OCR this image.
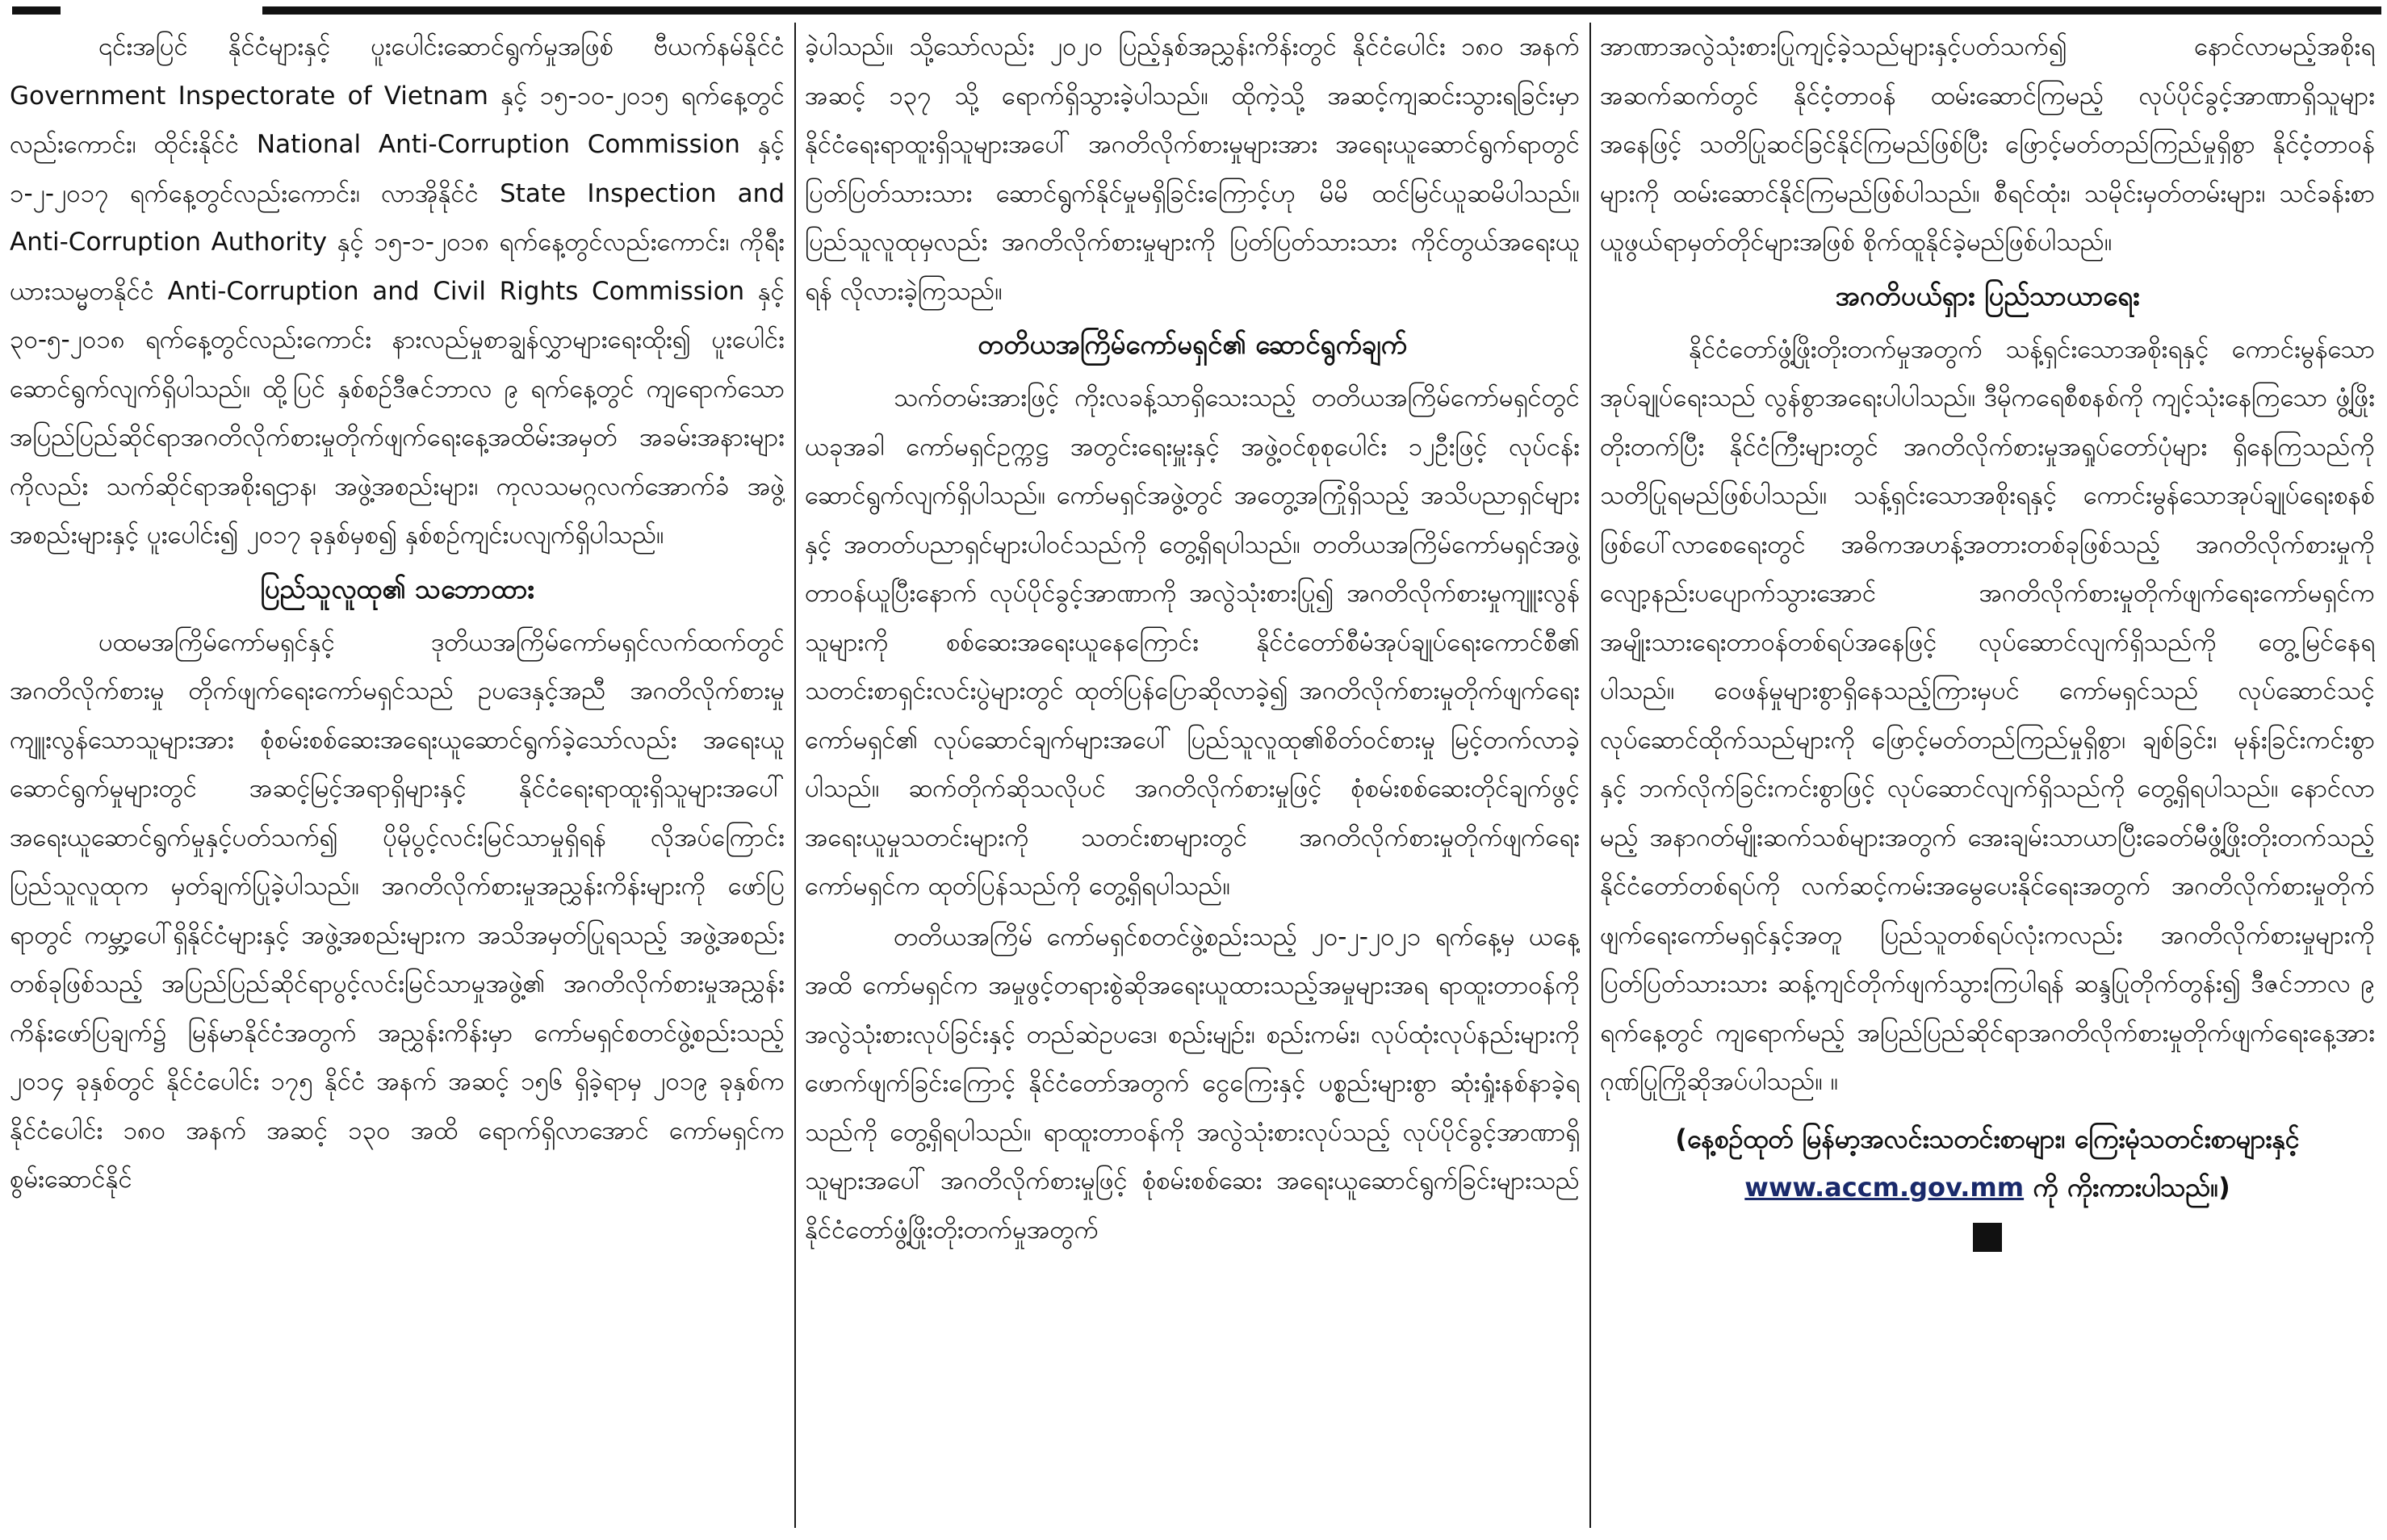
၎င်းအပြင် နိုင်ငံများနှင့် ပူးပေါင်းဆောင်ရွက်မှုအဖြစ် ဗီယက်နမ်နိုင်ငံ Government Inspectorate of Vietnam နှင့် ၁၅-၁၀-၂၀၁၅ ရက်နေ့တွင်လည်းကောင်း၊ ထိုင်းနိုင်ငံ National Anti-Corruption Commission နှင့် ၁-၂-၂၀၁၇ ရက်နေ့တွင်လည်းကောင်း၊ လာအိုနိုင်ငံ State Inspection and Anti-Corruption Authority နှင့် ၁၅-၁-၂၀၁၈ ရက်နေ့တွင်လည်းကောင်း၊ ကိုရီးယားသမ္မတနိုင်ငံ Anti-Corruption and Civil Rights Commission နှင့် ၃၀-၅-၂၀၁၈ ရက်နေ့တွင်လည်းကောင်း နားလည်မှုစာချွန်လွှာများရေးထိုး၍ ပူးပေါင်းဆောင်ရွက်လျက်ရှိပါသည်။ ထို့ပြင် နှစ်စဉ်ဒီဇင်ဘာလ ၉ ရက်နေ့တွင် ကျရောက်သော အပြည်ပြည်ဆိုင်ရာအဂတိလိုက်စားမှုတိုက်ဖျက်ရေးနေ့အထိမ်းအမှတ် အခမ်းအနားများကိုလည်း သက်ဆိုင်ရာအစိုးရဌာန၊ အဖွဲ့အစည်းများ၊ ကုလသမဂ္ဂလက်အောက်ခံ အဖွဲ့အစည်းများနှင့် ပူးပေါင်း၍ ၂၀၁၇ ခုနှစ်မှစ၍ နှစ်စဉ်ကျင်းပလျက်ရှိပါသည်။

ပြည်သူလူထု၏ သဘောထား

ပထမအကြိမ်ကော်မရှင်နှင့် ဒုတိယအကြိမ်ကော်မရှင်လက်ထက်တွင် အဂတိလိုက်စားမှု တိုက်ဖျက်ရေးကော်မရှင်သည် ဥပဒေနှင့်အညီ အဂတိလိုက်စားမှုကျူးလွန်သောသူများအား စုံစမ်းစစ်ဆေးအရေးယူဆောင်ရွက်ခဲ့သော်လည်း အရေးယူဆောင်ရွက်မှုများတွင် အဆင့်မြင့်အရာရှိများနှင့် နိုင်ငံရေးရာထူးရှိသူများအပေါ် အရေးယူဆောင်ရွက်မှုနှင့်ပတ်သက်၍ ပိုမိုပွင့်လင်းမြင်သာမှုရှိရန် လိုအပ်ကြောင်း ပြည်သူလူထုက မှတ်ချက်ပြုခဲ့ပါသည်။ အဂတိလိုက်စားမှုအညွှန်းကိန်းများကို ဖော်ပြရာတွင် ကမ္ဘာ့ပေါ်ရှိနိုင်ငံများနှင့် အဖွဲ့အစည်းများက အသိအမှတ်ပြုရသည့် အဖွဲ့အစည်းတစ်ခုဖြစ်သည့် အပြည်ပြည်ဆိုင်ရာပွင့်လင်းမြင်သာမှုအဖွဲ့၏ အဂတိလိုက်စားမှုအညွှန်းကိန်းဖော်ပြချက်၌ မြန်မာနိုင်ငံအတွက် အညွှန်းကိန်းမှာ ကော်မရှင်စတင်ဖွဲ့စည်းသည့် ၂၀၁၄ ခုနှစ်တွင် နိုင်ငံပေါင်း ၁၇၅ နိုင်ငံ အနက် အဆင့် ၁၅၆ ရှိခဲ့ရာမှ ၂၀၁၉ ခုနှစ်က နိုင်ငံပေါင်း ၁၈၀ အနက် အဆင့် ၁၃၀ အထိ ရောက်ရှိလာအောင် ကော်မရှင်က စွမ်းဆောင်နိုင်

ခဲ့ပါသည်။ သို့သော်လည်း ၂၀၂၀ ပြည့်နှစ်အညွှန်းကိန်းတွင် နိုင်ငံပေါင်း ၁၈၀ အနက် အဆင့် ၁၃၇ သို့ ရောက်ရှိသွားခဲ့ပါသည်။ ထိုကဲ့သို့ အဆင့်ကျဆင်းသွားရခြင်းမှာ နိုင်ငံရေးရာထူးရှိသူများအပေါ် အဂတိလိုက်စားမှုများအား အရေးယူဆောင်ရွက်ရာတွင် ပြတ်ပြတ်သားသား ဆောင်ရွက်နိုင်မှုမရှိခြင်းကြောင့်ဟု မိမိ ထင်မြင်ယူဆမိပါသည်။ ပြည်သူလူထုမှလည်း အဂတိလိုက်စားမှုများကို ပြတ်ပြတ်သားသား ကိုင်တွယ်အရေးယူရန် လိုလားခဲ့ကြသည်။

တတိယအကြိမ်ကော်မရှင်၏ ဆောင်ရွက်ချက်

သက်တမ်းအားဖြင့် ကိုးလခန့်သာရှိသေးသည့် တတိယအကြိမ်ကော်မရှင်တွင် ယခုအခါ ကော်မရှင်ဥက္ကဋ္ဌ အတွင်းရေးမှူးနှင့် အဖွဲ့ဝင်စုစုပေါင်း ၁၂ဦးဖြင့် လုပ်ငန်းဆောင်ရွက်လျက်ရှိပါသည်။ ကော်မရှင်အဖွဲ့တွင် အတွေ့အကြုံရှိသည့် အသိပညာရှင်များနှင့် အတတ်ပညာရှင်များပါဝင်သည်ကို တွေ့ရှိရပါသည်။ တတိယအကြိမ်ကော်မရှင်အဖွဲ့တာဝန်ယူပြီးနောက် လုပ်ပိုင်ခွင့်အာဏာကို အလွဲသုံးစားပြု၍ အဂတိလိုက်စားမှုကျူးလွန်သူများကို စစ်ဆေးအရေးယူနေကြောင်း နိုင်ငံတော်စီမံအုပ်ချုပ်ရေးကောင်စီ၏ သတင်းစာရှင်းလင်းပွဲများတွင် ထုတ်ပြန်ပြောဆိုလာခဲ့၍ အဂတိလိုက်စားမှုတိုက်ဖျက်ရေးကော်မရှင်၏ လုပ်ဆောင်ချက်များအပေါ် ပြည်သူလူထု၏စိတ်ဝင်စားမှု မြင့်တက်လာခဲ့ပါသည်။ ဆက်တိုက်ဆိုသလိုပင် အဂတိလိုက်စားမှုဖြင့် စုံစမ်းစစ်ဆေးတိုင်ချက်ဖွင့် အရေးယူမှုသတင်းများကို သတင်းစာများတွင် အဂတိလိုက်စားမှုတိုက်ဖျက်ရေးကော်မရှင်က ထုတ်ပြန်သည်ကို တွေ့ရှိရပါသည်။

တတိယအကြိမ် ကော်မရှင်စတင်ဖွဲ့စည်းသည့် ၂၀-၂-၂၀၂၁ ရက်နေ့မှ ယနေ့အထိ ကော်မရှင်က အမှုဖွင့်တရားစွဲဆိုအရေးယူထားသည့်အမှုများအရ ရာထူးတာဝန်ကို အလွဲသုံးစားလုပ်ခြင်းနှင့် တည်ဆဲဥပဒေ၊ စည်းမျဉ်း၊ စည်းကမ်း၊ လုပ်ထုံးလုပ်နည်းများကို ဖောက်ဖျက်ခြင်းကြောင့် နိုင်ငံတော်အတွက် ငွေကြေးနှင့် ပစ္စည်းများစွာ ဆုံးရှုံးနစ်နာခဲ့ရသည်ကို တွေ့ရှိရပါသည်။ ရာထူးတာဝန်ကို အလွဲသုံးစားလုပ်သည့် လုပ်ပိုင်ခွင့်အာဏာရှိသူများအပေါ် အဂတိလိုက်စားမှုဖြင့် စုံစမ်းစစ်ဆေး အရေးယူဆောင်ရွက်ခြင်းများသည် နိုင်ငံတော်ဖွံ့ဖြိုးတိုးတက်မှုအတွက်

အာဏာအလွဲသုံးစားပြုကျင့်ခဲ့သည်များနှင့်ပတ်သက်၍ နောင်လာမည့်အစိုးရအဆက်ဆက်တွင် နိုင်ငံ့တာဝန် ထမ်းဆောင်ကြမည့် လုပ်ပိုင်ခွင့်အာဏာရှိသူများအနေဖြင့် သတိပြုဆင်ခြင်နိုင်ကြမည်ဖြစ်ပြီး ဖြောင့်မတ်တည်ကြည်မှုရှိစွာ နိုင်ငံ့တာဝန်များကို ထမ်းဆောင်နိုင်ကြမည်ဖြစ်ပါသည်။ စီရင်ထုံး၊ သမိုင်းမှတ်တမ်းများ၊ သင်ခန်းစာယူဖွယ်ရာမှတ်တိုင်များအဖြစ် စိုက်ထူနိုင်ခဲ့မည်ဖြစ်ပါသည်။

အဂတိပယ်ရှား ပြည်သာယာရေး

နိုင်ငံတော်ဖွံ့ဖြိုးတိုးတက်မှုအတွက် သန့်ရှင်းသောအစိုးရနှင့် ကောင်းမွန်သောအုပ်ချုပ်ရေးသည် လွန်စွာအရေးပါပါသည်။ ဒီမိုကရေစီစနစ်ကို ကျင့်သုံးနေကြသော ဖွံ့ဖြိုးတိုးတက်ပြီး နိုင်ငံကြီးများတွင် အဂတိလိုက်စားမှုအရှုပ်တော်ပုံများ ရှိနေကြသည်ကို သတိပြုရမည်ဖြစ်ပါသည်။ သန့်ရှင်းသောအစိုးရနှင့် ကောင်းမွန်သောအုပ်ချုပ်ရေးစနစ် ဖြစ်ပေါ်လာစေရေးတွင် အဓိကအဟန့်အတားတစ်ခုဖြစ်သည့် အဂတိလိုက်စားမှုကို လျော့နည်းပပျောက်သွားအောင် အဂတိလိုက်စားမှုတိုက်ဖျက်ရေးကော်မရှင်က အမျိုးသားရေးတာဝန်တစ်ရပ်အနေဖြင့် လုပ်ဆောင်လျက်ရှိသည်ကို တွေ့မြင်နေရပါသည်။ ဝေဖန်မှုများစွာရှိနေသည့်ကြားမှပင် ကော်မရှင်သည် လုပ်ဆောင်သင့်လုပ်ဆောင်ထိုက်သည်များကို ဖြောင့်မတ်တည်ကြည်မှုရှိစွာ၊ ချစ်ခြင်း၊ မုန်းခြင်းကင်းစွာနှင့် ဘက်လိုက်ခြင်းကင်းစွာဖြင့် လုပ်ဆောင်လျက်ရှိသည်ကို တွေ့ရှိရပါသည်။ နောင်လာမည့် အနာဂတ်မျိုးဆက်သစ်များအတွက် အေးချမ်းသာယာပြီးခေတ်မီဖွံ့ဖြိုးတိုးတက်သည့် နိုင်ငံတော်တစ်ရပ်ကို လက်ဆင့်ကမ်းအမွေပေးနိုင်ရေးအတွက် အဂတိလိုက်စားမှုတိုက်ဖျက်ရေးကော်မရှင်နှင့်အတူ ပြည်သူတစ်ရပ်လုံးကလည်း အဂတိလိုက်စားမှုများကို ပြတ်ပြတ်သားသား ဆန့်ကျင်တိုက်ဖျက်သွားကြပါရန် ဆန္ဒပြုတိုက်တွန်း၍ ဒီဇင်ဘာလ ၉ ရက်နေ့တွင် ကျရောက်မည့် အပြည်ပြည်ဆိုင်ရာအဂတိလိုက်စားမှုတိုက်ဖျက်ရေးနေ့အား ဂုဏ်ပြုကြိုဆိုအပ်ပါသည်။ ။

(နေ့စဉ်ထုတ် မြန်မာ့အလင်းသတင်းစာများ၊ ကြေးမုံသတင်းစာများနှင့် www.accm.gov.mm ကို ကိုးကားပါသည်။)
